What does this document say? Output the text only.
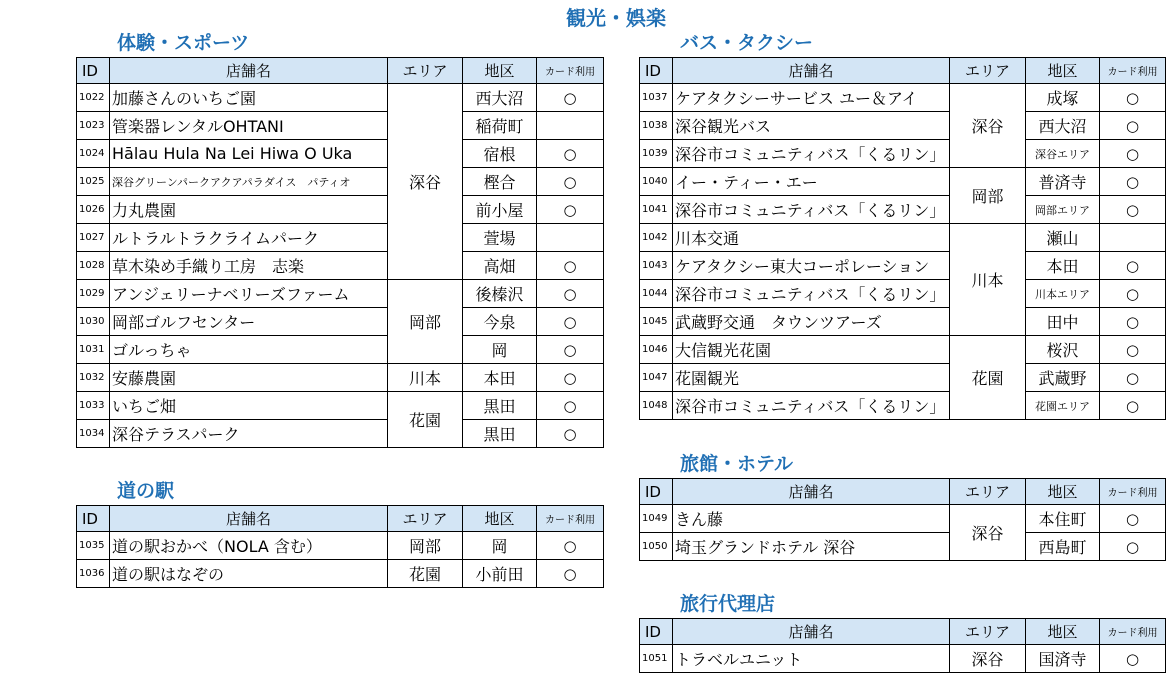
観光・娯楽
体験・スポーツ
ID	店舗名	エリア	地区	カード利用
1022	加藤さんのいちご園	深谷	西大沼	○
1023	管楽器レンタルOHTANI		稲荷町	
1024	Hālau Hula Na Lei Hiwa O Uka		宿根	○
1025	深谷グリーンパークアクアパラダイス　パティオ		樫合	○
1026	力丸農園		前小屋	○
1027	ルトラルトラクライムパーク		萱場	
1028	草木染め手織り工房　志楽		高畑	○
1029	アンジェリーナベリーズファーム	岡部	後榛沢	○
1030	岡部ゴルフセンター		今泉	○
1031	ゴルっちゃ		岡	○
1032	安藤農園	川本	本田	○
1033	いちご畑	花園	黒田	○
1034	深谷テラスパーク		黒田	○
道の駅
ID	店舗名	エリア	地区	カード利用
1035	道の駅おかべ（NOLA 含む）	岡部	岡	○
1036	道の駅はなぞの	花園	小前田	○
バス・タクシー
ID	店舗名	エリア	地区	カード利用
1037	ケアタクシーサービス ユー＆アイ	深谷	成塚	○
1038	深谷観光バス		西大沼	○
1039	深谷市コミュニティバス「くるリン」		深谷エリア	○
1040	イー・ティー・エー	岡部	普済寺	○
1041	深谷市コミュニティバス「くるリン」		岡部エリア	○
1042	川本交通	川本	瀬山	
1043	ケアタクシー東大コーポレーション		本田	○
1044	深谷市コミュニティバス「くるリン」		川本エリア	○
1045	武蔵野交通　タウンツアーズ		田中	○
1046	大信観光花園	花園	桜沢	○
1047	花園観光		武蔵野	○
1048	深谷市コミュニティバス「くるリン」		花園エリア	○
旅館・ホテル
ID	店舗名	エリア	地区	カード利用
1049	きん藤	深谷	本住町	○
1050	埼玉グランドホテル 深谷		西島町	○
旅行代理店
ID	店舗名	エリア	地区	カード利用
1051	トラベルユニット	深谷	国済寺	○
